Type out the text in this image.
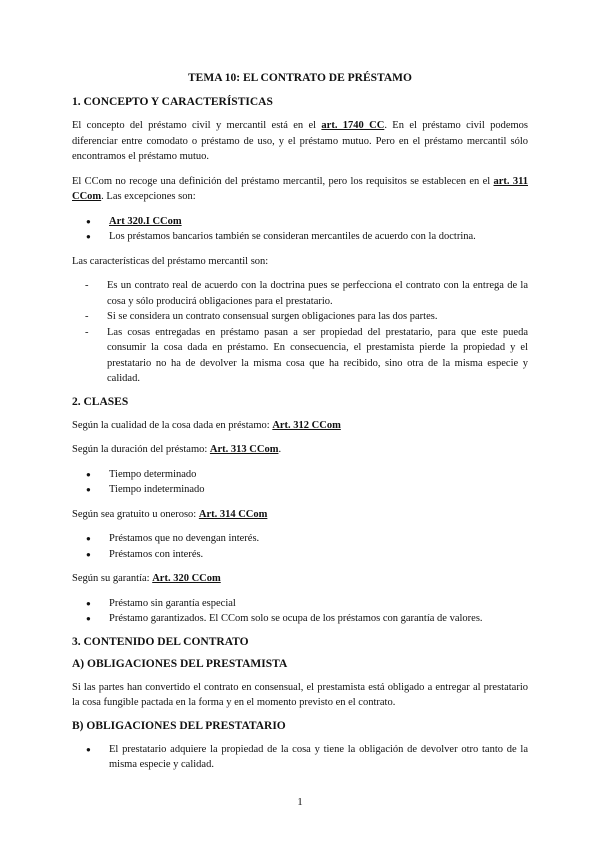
TEMA 10: EL CONTRATO DE PRÉSTAMO
1. CONCEPTO Y CARACTERÍSTICAS

El concepto del préstamo civil y mercantil está en el art. 1740 CC. En el préstamo civil podemos diferenciar entre comodato o préstamo de uso, y el préstamo mutuo. Pero en el préstamo mercantil sólo encontramos el préstamo mutuo.

El CCom no recoge una definición del préstamo mercantil, pero los requisitos se establecen en el art. 311 CCom. Las excepciones son:

● Art 320.I CCom
● Los préstamos bancarios también se consideran mercantiles de acuerdo con la doctrina.

Las características del préstamo mercantil son:

- Es un contrato real de acuerdo con la doctrina pues se perfecciona el contrato con la entrega de la cosa y sólo producirá obligaciones para el prestatario.
- Si se considera un contrato consensual surgen obligaciones para las dos partes.
- Las cosas entregadas en préstamo pasan a ser propiedad del prestatario, para que este pueda consumir la cosa dada en préstamo. En consecuencia, el prestamista pierde la propiedad y el prestatario no ha de devolver la misma cosa que ha recibido, sino otra de la misma especie y calidad.
2. CLASES

Según la cualidad de la cosa dada en préstamo: Art. 312 CCom

Según la duración del préstamo: Art. 313 CCom.

● Tiempo determinado
● Tiempo indeterminado

Según sea gratuito u oneroso: Art. 314 CCom

● Préstamos que no devengan interés.
● Préstamos con interés.

Según su garantía: Art. 320 CCom

● Préstamo sin garantía especial
● Préstamo garantizados. El CCom solo se ocupa de los préstamos con garantía de valores.
3. CONTENIDO DEL CONTRATO
A) OBLIGACIONES DEL PRESTAMISTA

Si las partes han convertido el contrato en consensual, el prestamista está obligado a entregar al prestatario la cosa fungible pactada en la forma y en el momento previsto en el contrato.

B) OBLIGACIONES DEL PRESTATARIO
● El prestatario adquiere la propiedad de la cosa y tiene la obligación de devolver otro tanto de la misma especie y calidad.
1
